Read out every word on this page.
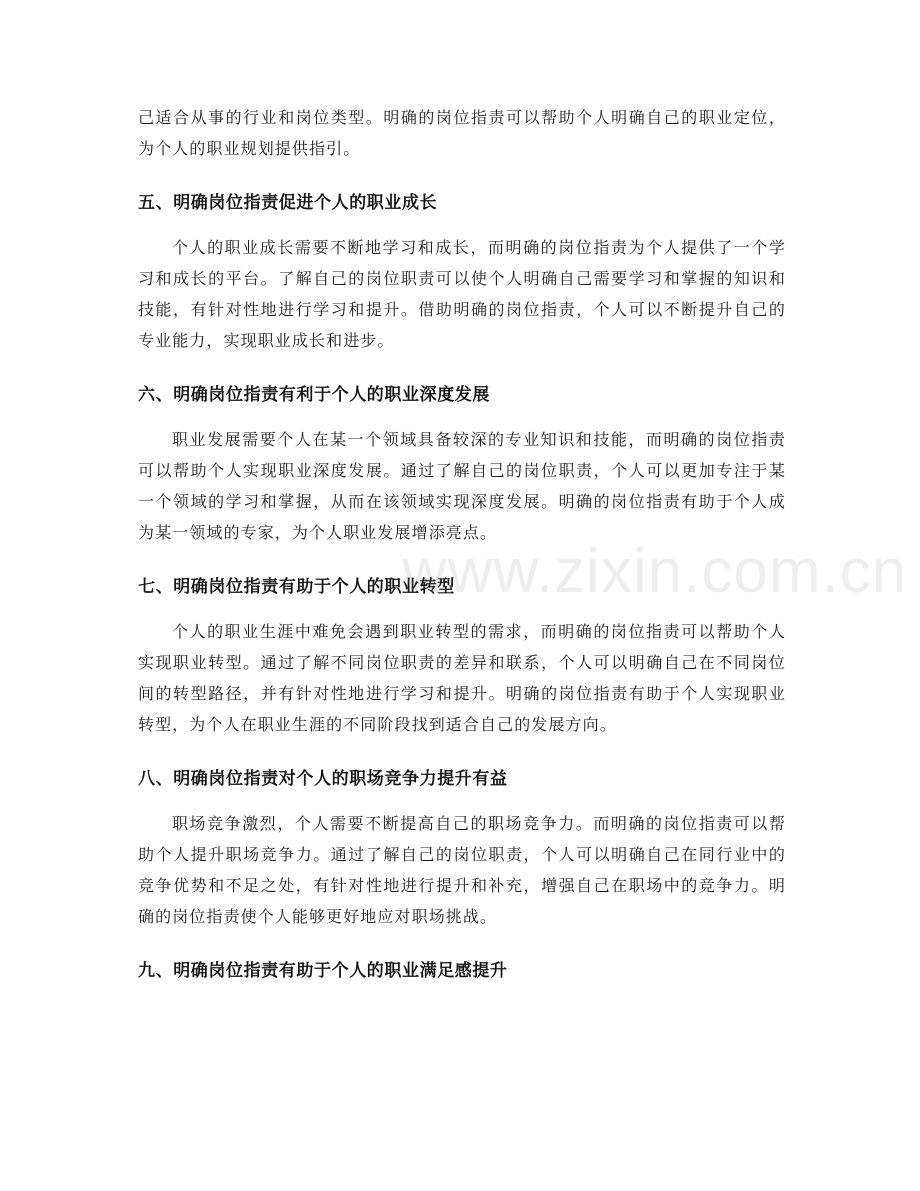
己适合从事的行业和岗位类型。明确的岗位指责可以帮助个人明确自己的职业定位，为个人的职业规划提供指引。

五、明确岗位指责促进个人的职业成长

个人的职业成长需要不断地学习和成长，而明确的岗位指责为个人提供了一个学习和成长的平台。了解自己的岗位职责可以使个人明确自己需要学习和掌握的知识和技能，有针对性地进行学习和提升。借助明确的岗位指责，个人可以不断提升自己的专业能力，实现职业成长和进步。

六、明确岗位指责有利于个人的职业深度发展

职业发展需要个人在某一个领域具备较深的专业知识和技能，而明确的岗位指责可以帮助个人实现职业深度发展。通过了解自己的岗位职责，个人可以更加专注于某一个领域的学习和掌握，从而在该领域实现深度发展。明确的岗位指责有助于个人成为某一领域的专家，为个人职业发展增添亮点。

七、明确岗位指责有助于个人的职业转型

个人的职业生涯中难免会遇到职业转型的需求，而明确的岗位指责可以帮助个人实现职业转型。通过了解不同岗位职责的差异和联系，个人可以明确自己在不同岗位间的转型路径，并有针对性地进行学习和提升。明确的岗位指责有助于个人实现职业转型，为个人在职业生涯的不同阶段找到适合自己的发展方向。

八、明确岗位指责对个人的职场竞争力提升有益

职场竞争激烈，个人需要不断提高自己的职场竞争力。而明确的岗位指责可以帮助个人提升职场竞争力。通过了解自己的岗位职责，个人可以明确自己在同行业中的竞争优势和不足之处，有针对性地进行提升和补充，增强自己在职场中的竞争力。明确的岗位指责使个人能够更好地应对职场挑战。

九、明确岗位指责有助于个人的职业满足感提升
www.zixin.com.cn
